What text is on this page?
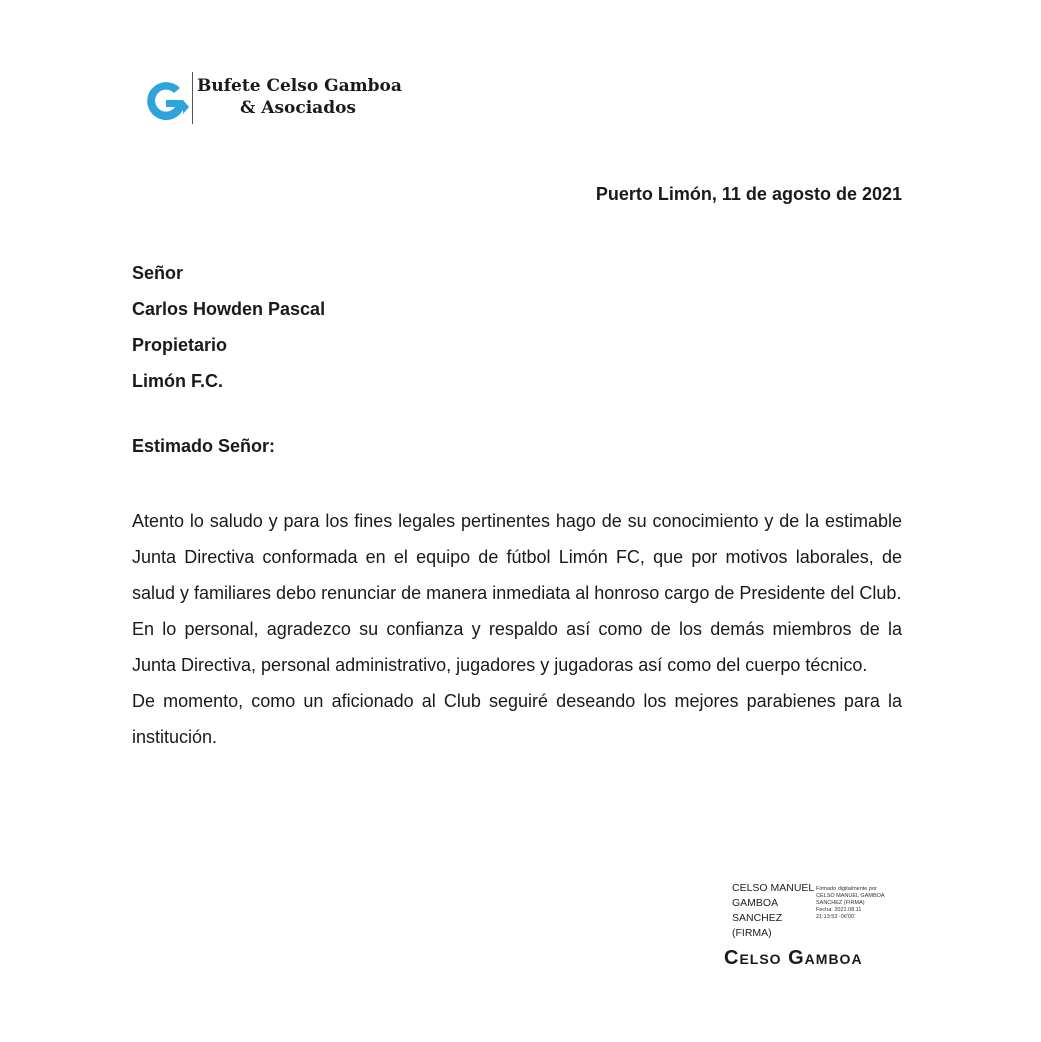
Bufete Celso Gamboa
& Asociados
Puerto Limón, 11 de agosto de 2021
Señor
Carlos Howden Pascal
Propietario
Limón F.C.
Estimado Señor:

Atento lo saludo y para los fines legales pertinentes hago de su conocimiento y de la estimable Junta Directiva conformada en el equipo de fútbol Limón FC, que por motivos laborales, de salud y familiares debo renunciar de manera inmediata al honroso cargo de Presidente del Club.

En lo personal, agradezco su confianza y respaldo así como de los demás miembros de la Junta Directiva, personal administrativo, jugadores y jugadoras así como del cuerpo técnico.

De momento, como un aficionado al Club seguiré deseando los mejores parabienes para la institución.

CELSO MANUEL
GAMBOA
SANCHEZ
(FIRMA)
Firmado digitalmente por
CELSO MANUEL GAMBOA
SANCHEZ (FIRMA)
Fecha: 2021.08.11
21:13:53 -06'00'
Celso Gamboa
